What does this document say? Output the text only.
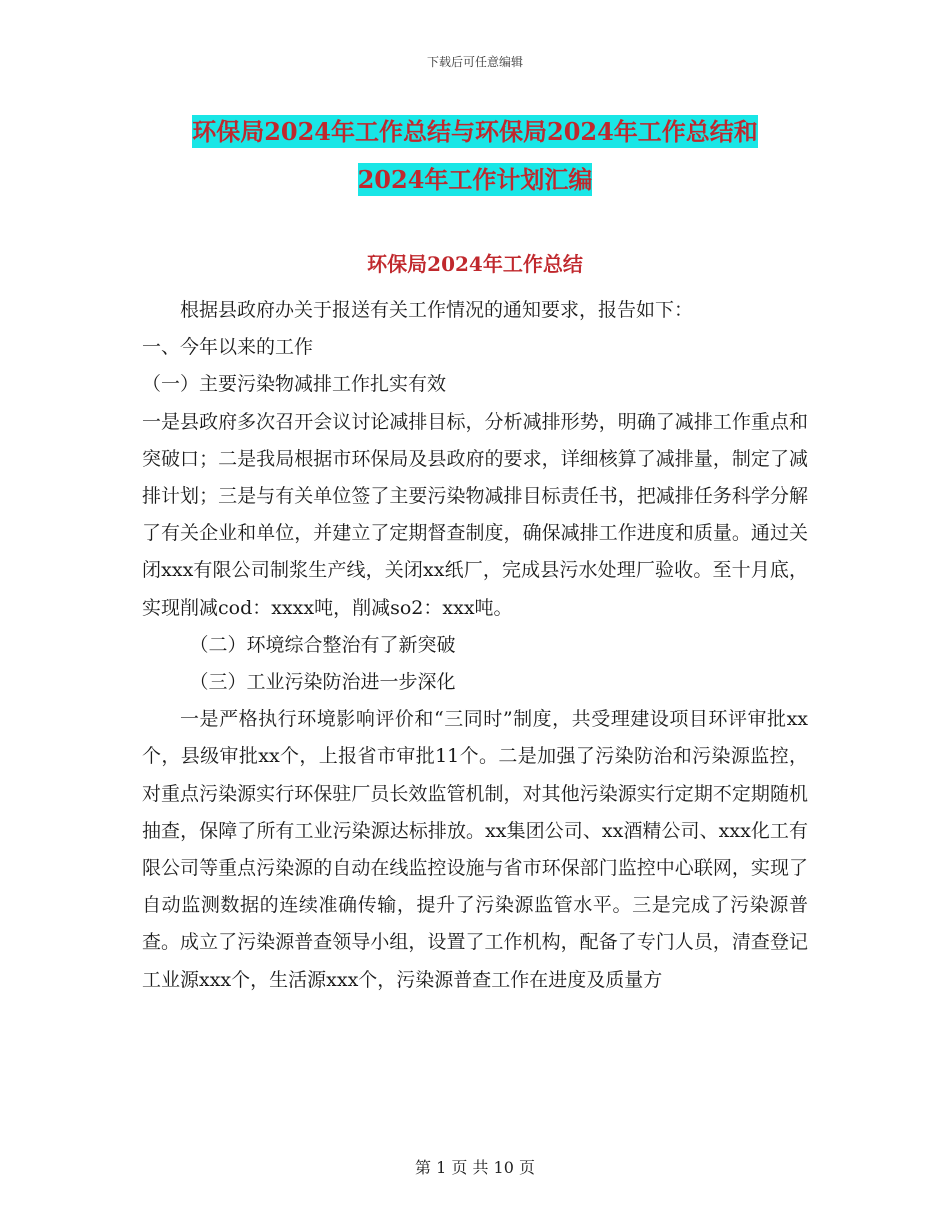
下载后可任意编辑
环保局2024年工作总结与环保局2024年工作总结和
2024年工作计划汇编
环保局2024年工作总结

根据县政府办关于报送有关工作情况的通知要求，报告如下：

一、今年以来的工作

（一）主要污染物减排工作扎实有效

一是县政府多次召开会议讨论减排目标，分析减排形势，明确了减排工作重点和突破口；二是我局根据市环保局及县政府的要求，详细核算了减排量，制定了减排计划；三是与有关单位签了主要污染物减排目标责任书，把减排任务科学分解了有关企业和单位，并建立了定期督查制度，确保减排工作进度和质量。通过关闭xxx有限公司制浆生产线，关闭xx纸厂，完成县污水处理厂验收。至十月底，实现削减cod：xxxx吨，削减so2：xxx吨。

（二）环境综合整治有了新突破

（三）工业污染防治进一步深化

一是严格执行环境影响评价和“三同时”制度，共受理建设项目环评审批xx个，县级审批xx个，上报省市审批11个。二是加强了污染防治和污染源监控，对重点污染源实行环保驻厂员长效监管机制，对其他污染源实行定期不定期随机抽查，保障了所有工业污染源达标排放。xx集团公司、xx酒精公司、xxx化工有限公司等重点污染源的自动在线监控设施与省市环保部门监控中心联网，实现了自动监测数据的连续准确传输，提升了污染源监管水平。三是完成了污染源普查。成立了污染源普查领导小组，设置了工作机构，配备了专门人员，清查登记工业源xxx个，生活源xxx个，污染源普查工作在进度及质量方

第 1 页 共 10 页
